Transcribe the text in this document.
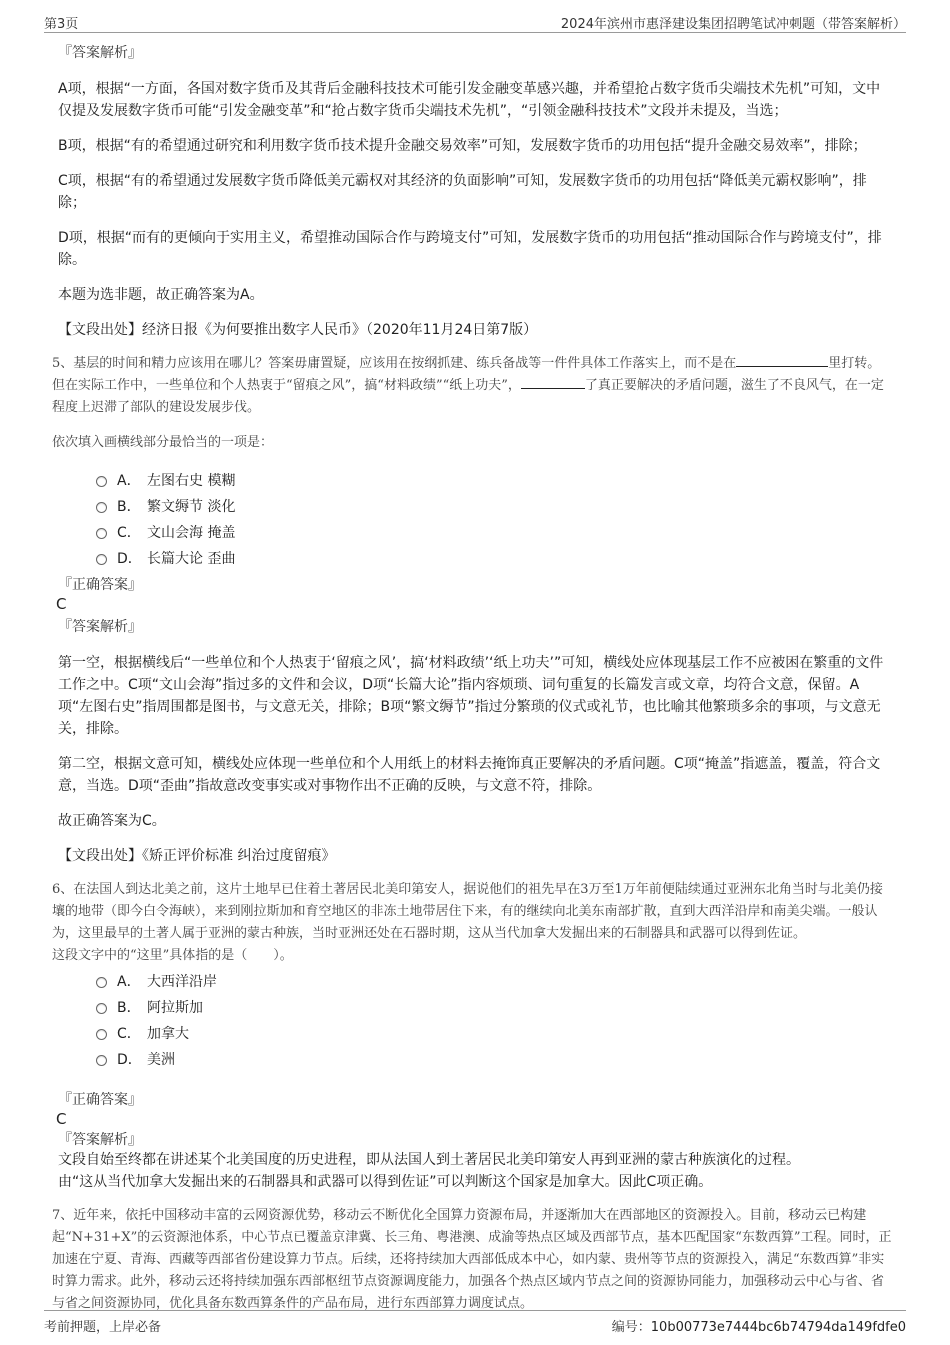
第3页	2024年滨州市惠泽建设集团招聘笔试冲刺题（带答案解析）
『答案解析』
A项，根据“一方面，各国对数字货币及其背后金融科技技术可能引发金融变革感兴趣，并希望抢占数字货币尖端技术先机”可知，文中仅提及发展数字货币可能“引发金融变革”和“抢占数字货币尖端技术先机”，“引领金融科技技术”文段并未提及，当选；
B项，根据“有的希望通过研究和利用数字货币技术提升金融交易效率”可知，发展数字货币的功用包括“提升金融交易效率”，排除；
C项，根据“有的希望通过发展数字货币降低美元霸权对其经济的负面影响”可知，发展数字货币的功用包括“降低美元霸权影响”，排除；
D项，根据“而有的更倾向于实用主义，希望推动国际合作与跨境支付”可知，发展数字货币的功用包括“推动国际合作与跨境支付”，排除。
本题为选非题，故正确答案为A。
【文段出处】经济日报《为何要推出数字人民币》（2020年11月24日第7版）
5、基层的时间和精力应该用在哪儿？答案毋庸置疑，应该用在按纲抓建、练兵备战等一件件具体工作落实上，而不是在	里打转。但在实际工作中，一些单位和个人热衷于“留痕之风”，搞“材料政绩”“纸上功夫”，	了真正要解决的矛盾问题，滋生了不良风气，在一定程度上迟滞了部队的建设发展步伐。
依次填入画横线部分最恰当的一项是：
A． 左图右史 模糊
B． 繁文缛节 淡化
C． 文山会海 掩盖
D． 长篇大论 歪曲
『正确答案』
C
『答案解析』
第一空，根据横线后“一些单位和个人热衷于‘留痕之风’，搞‘材料政绩’‘纸上功夫’”可知，横线处应体现基层工作不应被困在繁重的文件工作之中。C项“文山会海”指过多的文件和会议，D项“长篇大论”指内容烦琐、词句重复的长篇发言或文章，均符合文意，保留。A项“左图右史”指周围都是图书，与文意无关，排除；B项“繁文缛节”指过分繁琐的仪式或礼节，也比喻其他繁琐多余的事项，与文意无关，排除。
第二空，根据文意可知，横线处应体现一些单位和个人用纸上的材料去掩饰真正要解决的矛盾问题。C项“掩盖”指遮盖，覆盖，符合文意，当选。D项“歪曲”指故意改变事实或对事物作出不正确的反映，与文意不符，排除。
故正确答案为C。
【文段出处】《矫正评价标准 纠治过度留痕》
6、在法国人到达北美之前，这片土地早已住着土著居民北美印第安人，据说他们的祖先早在3万至1万年前便陆续通过亚洲东北角当时与北美仍接壤的地带（即今白令海峡），来到刚拉斯加和育空地区的非冻土地带居住下来，有的继续向北美东南部扩散，直到大西洋沿岸和南美尖端。一般认为，这里最早的土著人属于亚洲的蒙古种族，当时亚洲还处在石器时期，这从当代加拿大发掘出来的石制器具和武器可以得到佐证。
这段文字中的“这里”具体指的是（　　）。
A． 大西洋沿岸
B． 阿拉斯加
C． 加拿大
D． 美洲
『正确答案』
C
『答案解析』
文段自始至终都在讲述某个北美国度的历史进程，即从法国人到土著居民北美印第安人再到亚洲的蒙古种族演化的过程。
由“这从当代加拿大发掘出来的石制器具和武器可以得到佐证”可以判断这个国家是加拿大。因此C项正确。
7、近年来，依托中国移动丰富的云网资源优势，移动云不断优化全国算力资源布局，并逐渐加大在西部地区的资源投入。目前，移动云已构建起“N+31+X”的云资源池体系，中心节点已覆盖京津冀、长三角、粤港澳、成渝等热点区域及西部节点，基本匹配国家“东数西算”工程。同时，正加速在宁夏、青海、西藏等西部省份建设算力节点。后续，还将持续加大西部低成本中心，如内蒙、贵州等节点的资源投入，满足“东数西算”非实时算力需求。此外，移动云还将持续加强东西部枢纽节点资源调度能力，加强各个热点区域内节点之间的资源协同能力，加强移动云中心与省、省与省之间资源协同，优化具备东数西算条件的产品布局，进行东西部算力调度试点。
考前押题，上岸必备	编号：10b00773e7444bc6b74794da149fdfe0
